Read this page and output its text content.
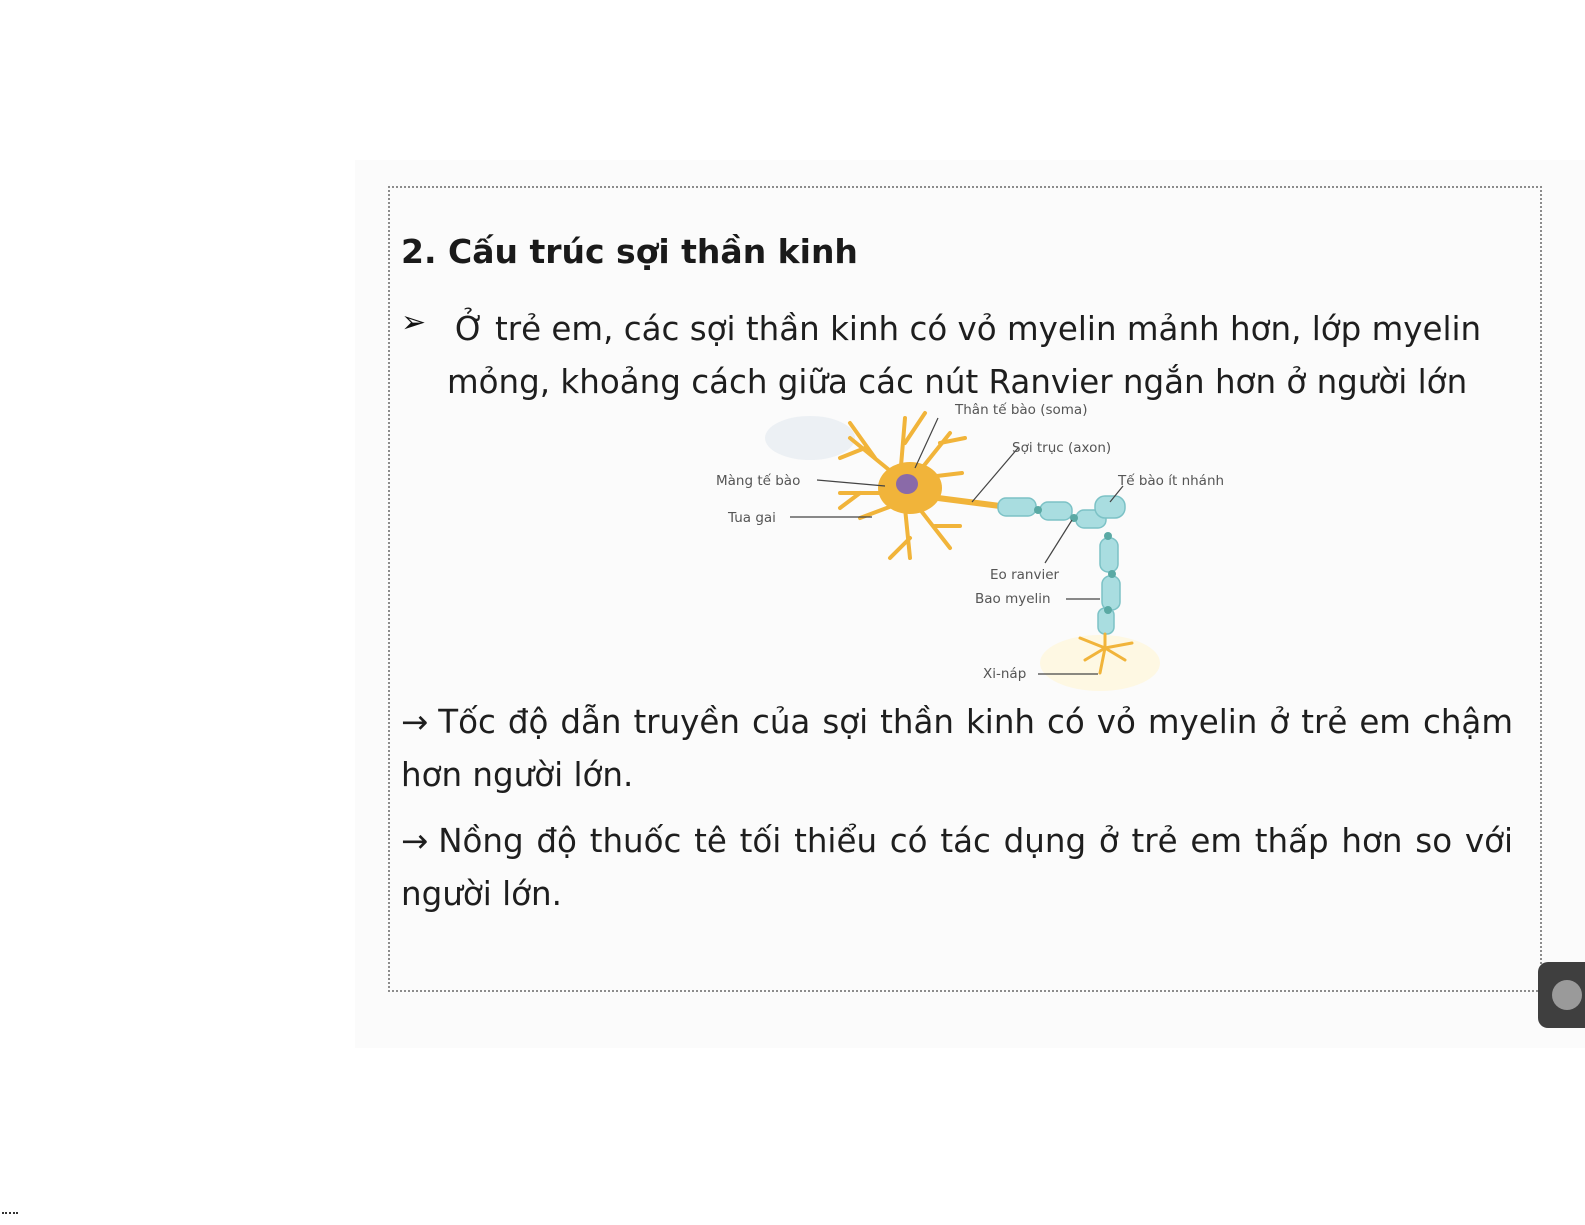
2. Cấu trúc sợi thần kinh
➢ Ở trẻ em, các sợi thần kinh có vỏ myelin mảnh hơn, lớp myelin mỏng, khoảng cách giữa các nút Ranvier ngắn hơn ở người lớn
Thân tế bào (soma)
Sợi trục (axon)
Màng tế bào	Tế bào ít nhánh
Tua gai
Eo ranvier
Bao myelin
Xi-náp
→ Tốc độ dẫn truyền của sợi thần kinh có vỏ myelin ở trẻ em chậm hơn người lớn.
→ Nồng độ thuốc tê tối thiểu có tác dụng ở trẻ em thấp hơn so với người lớn.
